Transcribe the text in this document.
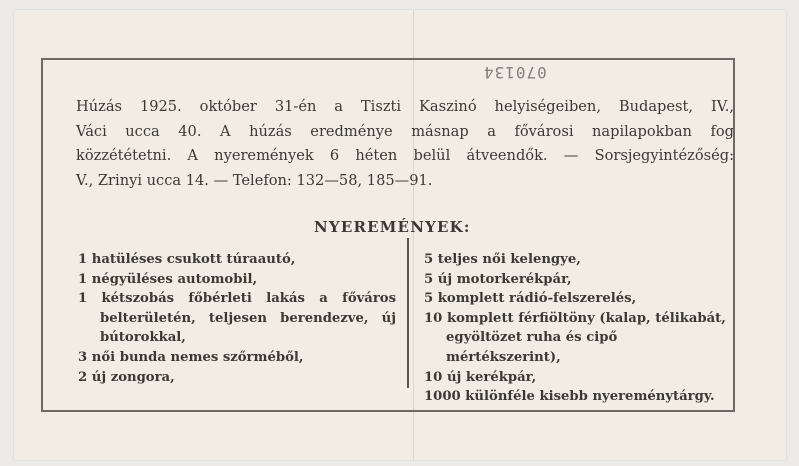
070134
Húzás 1925. október 31-én a Tiszti Kaszinó helyiségeiben, Budapest, IV.,
Váci ucca 40. A húzás eredménye másnap a fővárosi napilapokban fog
közzététetni. A nyeremények 6 héten belül átveendők. — Sorsjegyintézőség:
V., Zrinyi ucca 14. — Telefon: 132—58, 185—91.
NYEREMÉNYEK:
1 hatüléses csukott túraautó,
1 négyüléses automobil,
1 kétszobás főbérleti lakás a főváros
belterületén, teljesen berendezve, új
bútorokkal,
3 női bunda nemes szőrméből,
2 új zongora,
5 teljes női kelengye,
5 új motorkerékpár,
5 komplett rádió-felszerelés,
10 komplett férfiöltöny (kalap, télikabát,
egyöltözet ruha és cipő mértékszerint),
10 új kerékpár,
1000 különféle kisebb nyereménytárgy.
